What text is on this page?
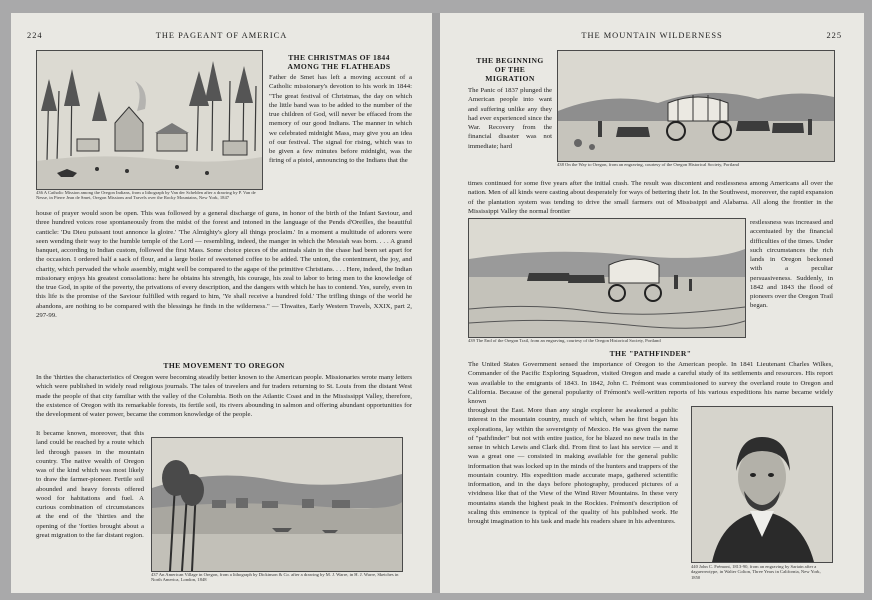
224	THE PAGEANT OF AMERICA
436 A Catholic Mission among the Oregon Indians, from a lithograph by Van der Schelden after a drawing by P. Van de Nesse, in Pierre Jean de Smet, Oregon Missions and Travels over the Rocky Mountains, New York, 1847
THE CHRISTMAS OF 1844
AMONG THE FLATHEADS
Father de Smet has left a moving account of a Catholic missionary's devotion to his work in 1844: "The great festival of Christmas, the day on which the little band was to be added to the number of the true children of God, will never be effaced from the memory of our good Indians. The manner in which we celebrated midnight Mass, may give you an idea of our festival. The signal for rising, which was to be given a few minutes before midnight, was the firing of a pistol, announcing to the Indians that the
house of prayer would soon be open. This was followed by a general discharge of guns, in honor of the birth of the Infant Saviour, and three hundred voices rose spontaneously from the midst of the forest and intoned in the language of the Pends d'Oreilles, the beautiful canticle: 'Du Dieu puissant tout annonce la gloire.' 'The Almighty's glory all things proclaim.' In a moment a multitude of adorers were seen wending their way to the humble temple of the Lord — resembling, indeed, the manger in which the Messiah was born. . . . A grand banquet, according to Indian custom, followed the first Mass. Some choice pieces of the animals slain in the chase had been set apart for the occasion. I ordered half a sack of flour, and a large boiler of sweetened coffee to be added. The union, the contentment, the joy, and charity, which pervaded the whole assembly, might well be compared to the agape of the primitive Christians. . . . Here, indeed, the Indian missionary enjoys his greatest consolations: here he obtains his strength, his courage, his zeal to labor to bring men to the knowledge of the true God, in spite of the poverty, the privations of every description, and the dangers with which he has to contend. Yes, surely, even in this life is the promise of the Saviour fulfilled with regard to him, 'Ye shall receive a hundred fold.' The trifling things of the world he abandons, are nothing to be compared with the blessings he finds in the wilderness." — Thwaites, Early Western Travels, XXIX, part 2, 297-99.
THE MOVEMENT TO OREGON
In the 'thirties the characteristics of Oregon were becoming steadily better known to the American people. Missionaries wrote many letters which were published in widely read religious journals. The tales of travelers and fur traders returning to St. Louis from the distant West made the people of that city familiar with the valley of the Columbia. Both on the Atlantic Coast and in the Mississippi Valley, therefore, the existence of Oregon with its remarkable forests, its fertile soil, its rivers abounding in salmon and offering abundant opportunities for the development of water power, became the common knowledge of the people.
It became known, moreover, that this land could be reached by a route which led through passes in the mountain country. The native wealth of Oregon was of the kind which was most likely to draw the farmer-pioneer. Fertile soil abounded and heavy forests offered wood for habitations and fuel. A curious combination of circumstances at the end of the 'thirties and the opening of the 'forties brought about a great migration to the far distant region.
437 An American Village in Oregon, from a lithograph by Dickinson & Co. after a drawing by M. J. Warre, in H. J. Warre, Sketches in North America, London, 1848
THE MOUNTAIN WILDERNESS	225
THE BEGINNING
OF THE
MIGRATION
The Panic of 1837 plunged the American people into want and suffering unlike any they had ever experienced since the War. Recovery from the financial disaster was not immediate; hard
438 On the Way to Oregon, from an engraving, courtesy of the Oregon Historical Society, Portland
times continued for some five years after the initial crash. The result was discontent and restlessness among Americans all over the nation. Men of all kinds were casting about desperately for ways of bettering their lot. In the Southwest, moreover, the rapid expansion of the plantation system was tending to drive the small farmers out of Mississippi and Alabama. All along the frontier in the Mississippi Valley the normal frontier
439 The End of the Oregon Trail, from an engraving, courtesy of the Oregon Historical Society, Portland
restlessness was increased and accentuated by the financial difficulties of the times. Under such circumstances the rich lands in Oregon beckoned with a peculiar persuasiveness. Suddenly, in 1842 and 1843 the flood of pioneers over the Oregon Trail began.
THE "PATHFINDER"
The United States Government sensed the importance of Oregon to the American people. In 1841 Lieutenant Charles Wilkes, Commander of the Pacific Exploring Squadron, visited Oregon and made a careful study of its settlements and resources. His report was available to the emigrants of 1843. In 1842, John C. Frémont was commissioned to survey the overland route to Oregon and California. Because of the general popularity of Frémont's well-written reports of his various expeditions his name became widely known
throughout the East. More than any single explorer he awakened a public interest in the mountain country, much of which, when he first began his explorations, lay within the sovereignty of Mexico. He was given the name of "pathfinder" but not with entire justice, for he blazed no new trails in the sense in which Lewis and Clark did. From first to last his service — and it was a great one — consisted in making available for the general public information that was locked up in the minds of the hunters and trappers of the mountain country. His expedition made accurate maps, gathered scientific information, and in the days before photography, produced pictures of a vividness like that of the View of the Wind River Mountains. In these very mountains stands the highest peak in the Rockies. Frémont's description of scaling this eminence is typical of the quality of his published work. He brought imagination to his task and made his readers share in his adventures.
440 John C. Frémont, 1813-90, from an engraving by Sartain after a daguerreotype, in Walter Colton, Three Years in California, New York, 1850
